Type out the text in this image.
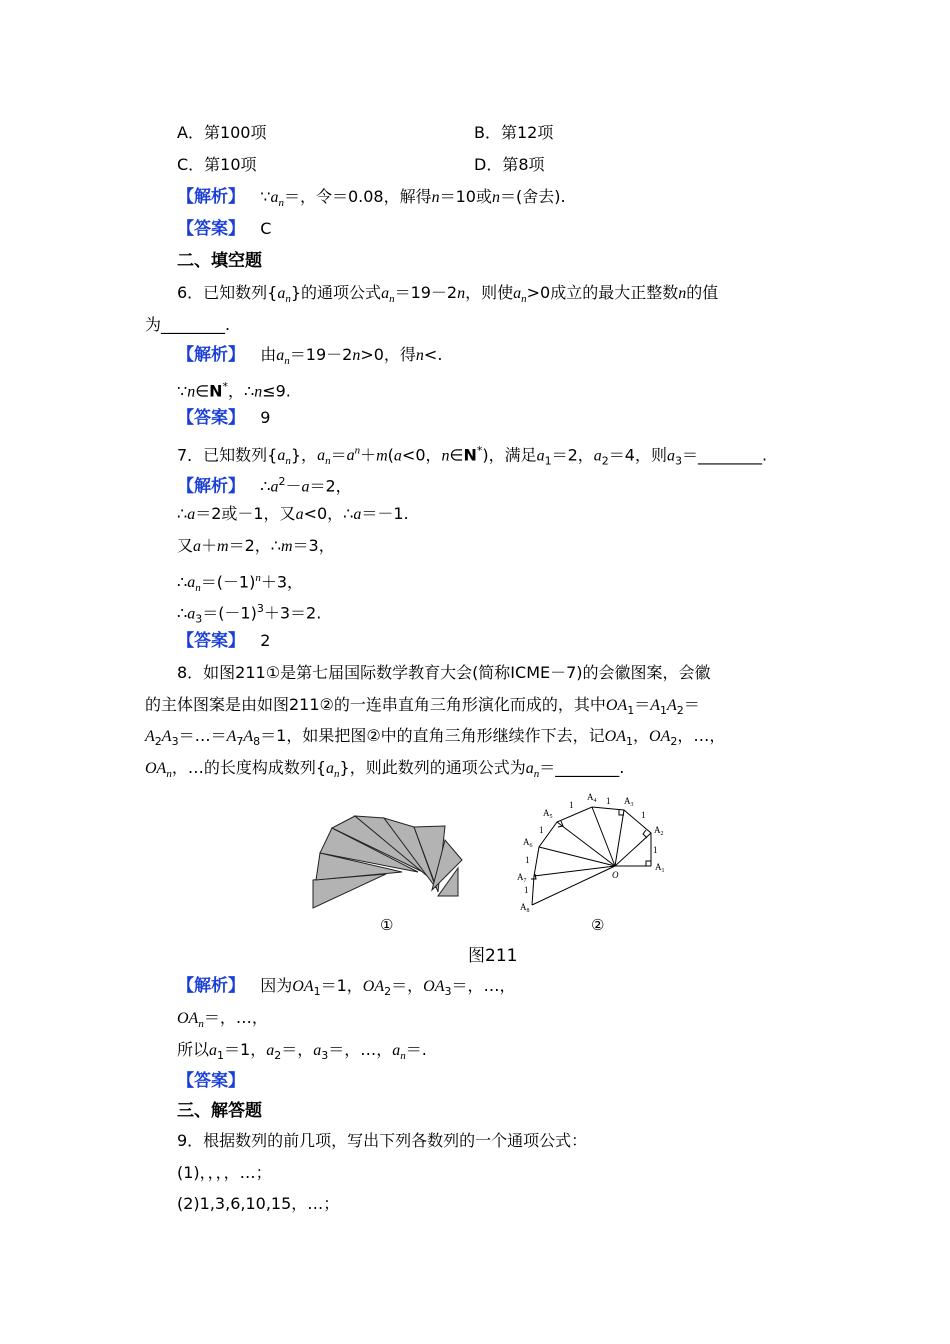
A．第100项	B．第12项
C．第10项	D．第8项
【解析】 $\because a_n=$，令＝0.08，解得n＝10或n＝(舍去).
【答案】 C
二、填空题
6．已知数列$\{a_n\}$的通项公式$a_n=19-2n$，则使$a_n>0$成立的最大正整数n的值
为________.
【解析】 由$a_n=19-2n>0$，得n<.
∵n∈N*，∴n≤9.
【答案】 9
7．已知数列$\{a_n\}$，$a_n=a^n+m(a<0$，n∈N*)，满足$a_1=2$，$a_2=4$，则$a_3=\_\_\_\_\_\_\_\_$.
【解析】 $\therefore a^2-a=2$，
∴a＝2或－1，又a<0，∴a＝－1.
又a＋m＝2，∴m＝3，
$\therefore a_n=(-1)^n+3$，
$\therefore a_3=(-1)^3+3=2$.
【答案】 2
8．如图211①是第七届国际数学教育大会(简称ICME－7)的会徽图案，会徽
的主体图案是由如图211②的一连串直角三角形演化而成的，其中$OA_1=A_1A_2=$
$A_2A_3=\dots=A_7A_8=1$，如果把图②中的直角三角形继续作下去，记$OA_1$，$OA_2$，…，
$OA_n$，…的长度构成数列$\{a_n\}$，则此数列的通项公式为$a_n=\_\_\_\_\_\_\_\_$.
①
$A_1$
$A_2$
$A_3$
$A_4$
$A_5$
$A_6$
$A_7$
$A_8$
O
1
1
1
1
1
1
1
②
图211
【解析】 因为$OA_1=1$，$OA_2=$，$OA_3=$，…，
$OA_n=$，…，
所以$a_1=1$，$a_2=$，$a_3=$，…，$a_n=$.
【答案】
三、解答题
9．根据数列的前几项，写出下列各数列的一个通项公式：
(1)，，，，…；
(2)1,3,6,10,15，…；
